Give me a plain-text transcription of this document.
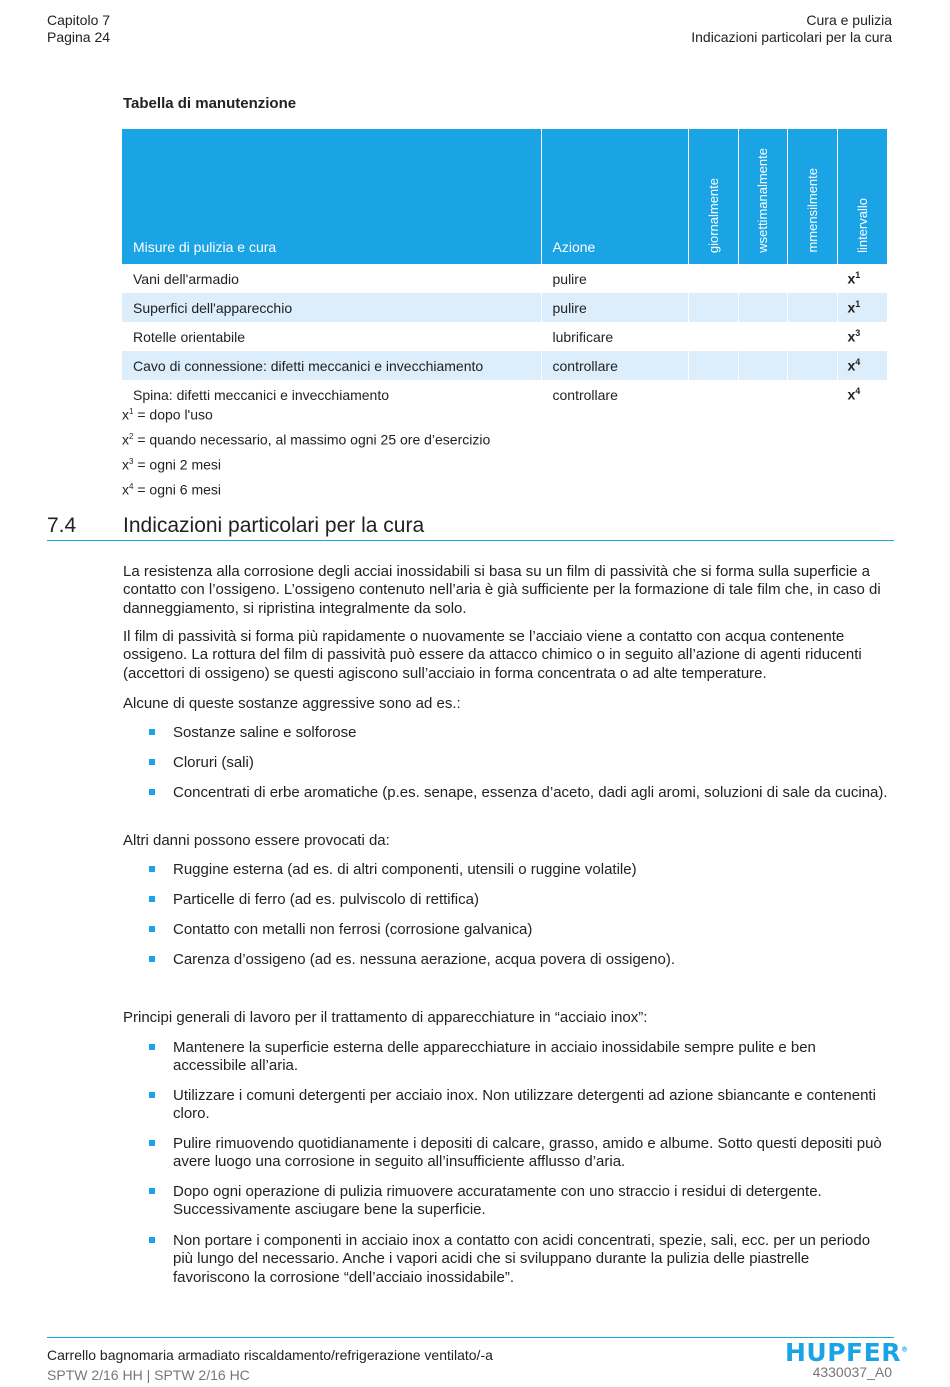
Capitolo 7
Pagina 24
Cura e pulizia
Indicazioni particolari per la cura
Tabella di manutenzione
Misure di pulizia e cura	Azione	giornalmente	wsettimanalmente	mmensilmente	lintervallo
Vani dell'armadio	pulire				$x^1$
Superfici dell'apparecchio	pulire				$x^1$
Rotelle orientabile	lubrificare				$x^3$
Cavo di connessione: difetti meccanici e invecchiamento	controllare				$x^4$
Spina: difetti meccanici e invecchiamento	controllare				$x^4$
$x^1$ = dopo l'uso
$x^2$ = quando necessario, al massimo ogni 25 ore d’esercizio
$x^3$ = ogni 2 mesi
$x^4$ = ogni 6 mesi
7.4 Indicazioni particolari per la cura
La resistenza alla corrosione degli acciai inossidabili si basa su un film di passività che si forma sulla superficie a contatto con l’ossigeno. L’ossigeno contenuto nell’aria è già sufficiente per la formazione di tale film che, in caso di danneggiamento, si ripristina integralmente da solo.
Il film di passività si forma più rapidamente o nuovamente se l’acciaio viene a contatto con acqua contenente ossigeno. La rottura del film di passività può essere da attacco chimico o in seguito all’azione di agenti riducenti (accettori di ossigeno) se questi agiscono sull’acciaio in forma concentrata o ad alte temperature.
Alcune di queste sostanze aggressive sono ad es.:
Sostanze saline e solforose
Cloruri (sali)
Concentrati di erbe aromatiche (p.es. senape, essenza d’aceto, dadi agli aromi, soluzioni di sale da cucina).
Altri danni possono essere provocati da:
Ruggine esterna (ad es. di altri componenti, utensili o ruggine volatile)
Particelle di ferro (ad es. pulviscolo di rettifica)
Contatto con metalli non ferrosi (corrosione galvanica)
Carenza d’ossigeno (ad es. nessuna aerazione, acqua povera di ossigeno).
Principi generali di lavoro per il trattamento di apparecchiature in “acciaio inox”:
Mantenere la superficie esterna delle apparecchiature in acciaio inossidabile sempre pulite e ben accessibile all’aria.
Utilizzare i comuni detergenti per acciaio inox. Non utilizzare detergenti ad azione sbiancante e contenenti cloro.
Pulire rimuovendo quotidianamente i depositi di calcare, grasso, amido e albume. Sotto questi depositi può avere luogo una corrosione in seguito all’insufficiente afflusso d’aria.
Dopo ogni operazione di pulizia rimuovere accuratamente con uno straccio i residui di detergente. Successivamente asciugare bene la superficie.
Non portare i componenti in acciaio inox a contatto con acidi concentrati, spezie, sali, ecc. per un periodo più lungo del necessario. Anche i vapori acidi che si sviluppano durante la pulizia delle piastrelle favoriscono la corrosione “dell’acciaio inossidabile”.
Carrello bagnomaria armadiato riscaldamento/refrigerazione ventilato/-a
SPTW 2/16 HH | SPTW 2/16 HC
HUPFER®
4330037_A0
